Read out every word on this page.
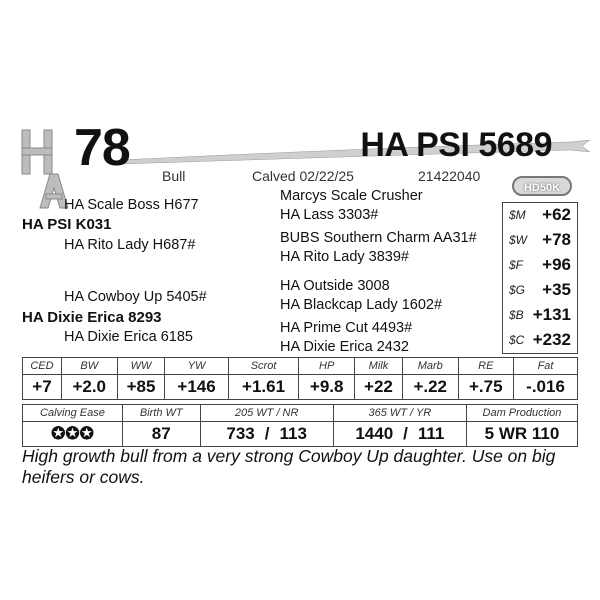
78	HA PSI 5689
Bull	Calved 02/22/25	21422040
HD50K
HA Scale Boss H677
HA PSI K031
HA Rito Lady H687#
HA Cowboy Up 5405#
HA Dixie Erica 8293
HA Dixie Erica 6185
Marcys Scale Crusher
HA Lass 3303#
BUBS Southern Charm AA31#
HA Rito Lady 3839#
HA Outside 3008
HA Blackcap Lady 1602#
HA Prime Cut 4493#
HA Dixie Erica 2432
$M +62
$W +78
$F +96
$G +35
$B +131
$C +232
CED	BW	WW	YW	Scrot	HP	Milk	Marb	RE	Fat
+7	+2.0	+85	+146	+1.61	+9.8	+22	+.22	+.75	-.016
Calving Ease	Birth WT	205 WT / NR	365 WT / YR	Dam Production
✪✪✪	87	733 / 113	1440 / 111	5 WR 110
High growth bull from a very strong Cowboy Up daughter. Use on big heifers or cows.
